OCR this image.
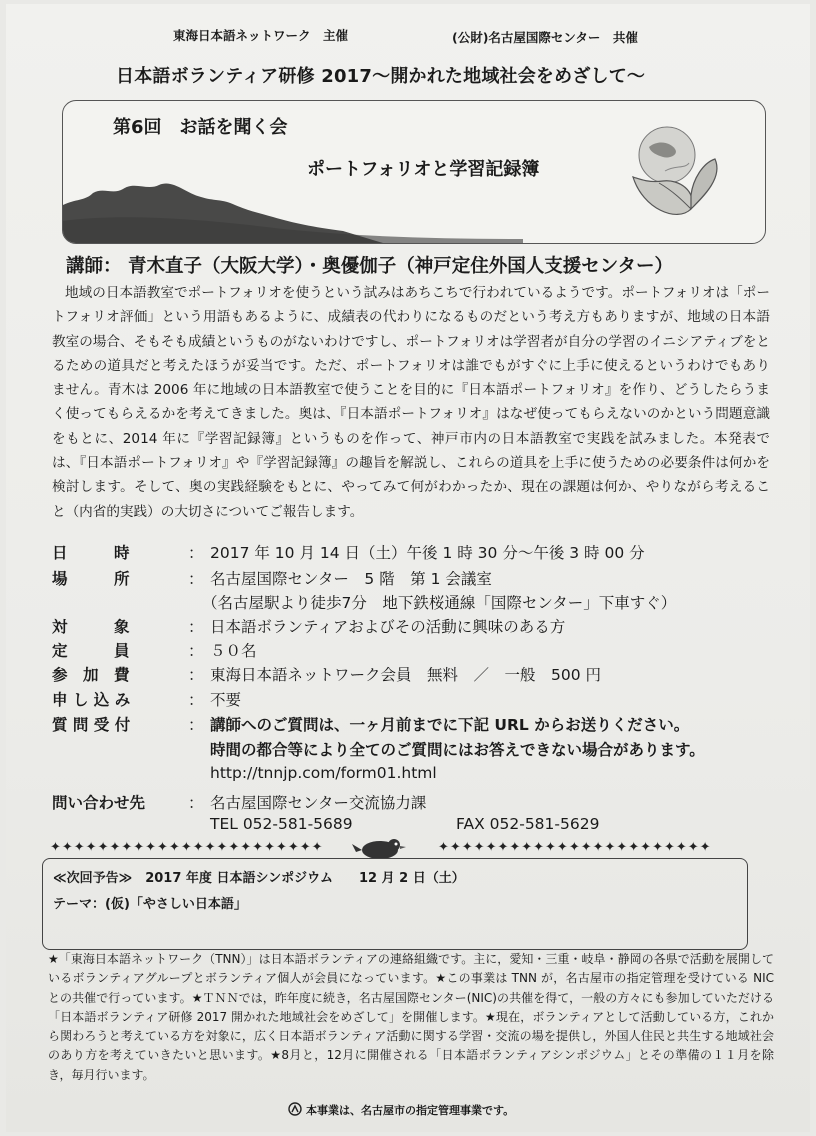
東海日本語ネットワーク　主催	(公財)名古屋国際センター　共催
日本語ボランティア研修 2017～開かれた地域社会をめざして～
第6回　お話を聞く会
ポートフォリオと学習記録簿
講師： 青木直子（大阪大学）・奥優伽子（神戸定住外国人支援センター）
地域の日本語教室でポートフォリオを使うという試みはあちこちで行われているようです。ポートフォリオは「ポートフォリオ評価」という用語もあるように、成績表の代わりになるものだという考え方もありますが、地域の日本語教室の場合、そもそも成績というものがないわけですし、ポートフォリオは学習者が自分の学習のイニシアティブをとるための道具だと考えたほうが妥当です。ただ、ポートフォリオは誰でもがすぐに上手に使えるというわけでもありません。青木は 2006 年に地域の日本語教室で使うことを目的に『日本語ポートフォリオ』を作り、どうしたらうまく使ってもらえるかを考えてきました。奥は、『日本語ポートフォリオ』はなぜ使ってもらえないのかという問題意識をもとに、2014 年に『学習記録簿』というものを作って、神戸市内の日本語教室で実践を試みました。本発表では、『日本語ポートフォリオ』や『学習記録簿』の趣旨を解説し、これらの道具を上手に使うための必要条件は何かを検討します。そして、奥の実践経験をもとに、やってみて何がわかったか、現在の課題は何か、やりながら考えること（内省的実践）の大切さについてご報告します。
日　　　時	： 2017 年 10 月 14 日（土）午後 1 時 30 分～午後 3 時 00 分
場　　　所	： 名古屋国際センター　5 階　第 1 会議室
（名古屋駅より徒歩7分　地下鉄桜通線「国際センター」下車すぐ）
対　　　象	： 日本語ボランティアおよびその活動に興味のある方
定　　　員	： ５０名
参　加　費	： 東海日本語ネットワーク会員　無料　／　一般　500 円
申 し 込 み	： 不要
質 問 受 付	： 講師へのご質問は、一ヶ月前までに下記 URL からお送りください。
時間の都合等により全てのご質問にはお答えできない場合があります。
http://tnnjp.com/form01.html
問い合わせ先	： 名古屋国際センター交流協力課
TEL 052-581-5689	FAX 052-581-5629
✦✦✦✦✦✦✦✦✦✦✦✦✦✦✦✦✦✦✦✦✦✦✦	✦✦✦✦✦✦✦✦✦✦✦✦✦✦✦✦✦✦✦✦✦✦✦
≪次回予告≫　2017 年度 日本語シンポジウム　　12 月 2 日（土）
テーマ：(仮)「やさしい日本語」
★「東海日本語ネットワーク（TNN）」は日本語ボランティアの連絡組織です。主に，愛知・三重・岐阜・静岡の各県で活動を展開しているボランティアグループとボランティア個人が会員になっています。★この事業は TNN が，名古屋市の指定管理を受けている NIC との共催で行っています。★ＴＮＮでは，昨年度に続き，名古屋国際センター(NIC)の共催を得て，一般の方々にも参加していただける「日本語ボランティア研修 2017 開かれた地域社会をめざして」を開催します。★現在，ボランティアとして活動している方，これから関わろうと考えている方を対象に，広く日本語ボランティア活動に関する学習・交流の場を提供し，外国人住民と共生する地域社会のあり方を考えていきたいと思います。★8月と，12月に開催される「日本語ボランティアシンポジウム」とその準備の１１月を除き，毎月行います。
本事業は、名古屋市の指定管理事業です。
